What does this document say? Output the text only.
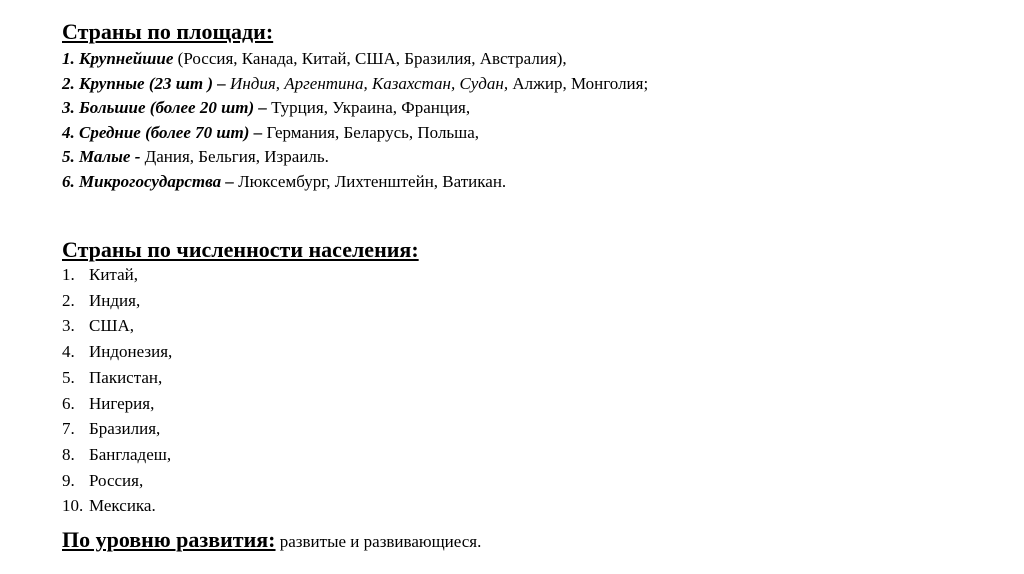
Страны по площади:
1. Крупнейшие (Россия, Канада, Китай, США, Бразилия, Австралия),
2. Крупные (23 шт ) – Индия, Аргентина, Казахстан, Судан, Алжир, Монголия;
3. Большие (более 20 шт) – Турция, Украина, Франция,
4. Средние (более 70 шт) – Германия, Беларусь, Польша,
5. Малые - Дания, Бельгия, Израиль.
6. Микрогосударства – Люксембург, Лихтенштейн, Ватикан.
Страны по численности населения:
1. Китай,
2. Индия,
3. США,
4. Индонезия,
5. Пакистан,
6. Нигерия,
7. Бразилия,
8. Бангладеш,
9. Россия,
10. Мексика.
По уровню развития: развитые и развивающиеся.
